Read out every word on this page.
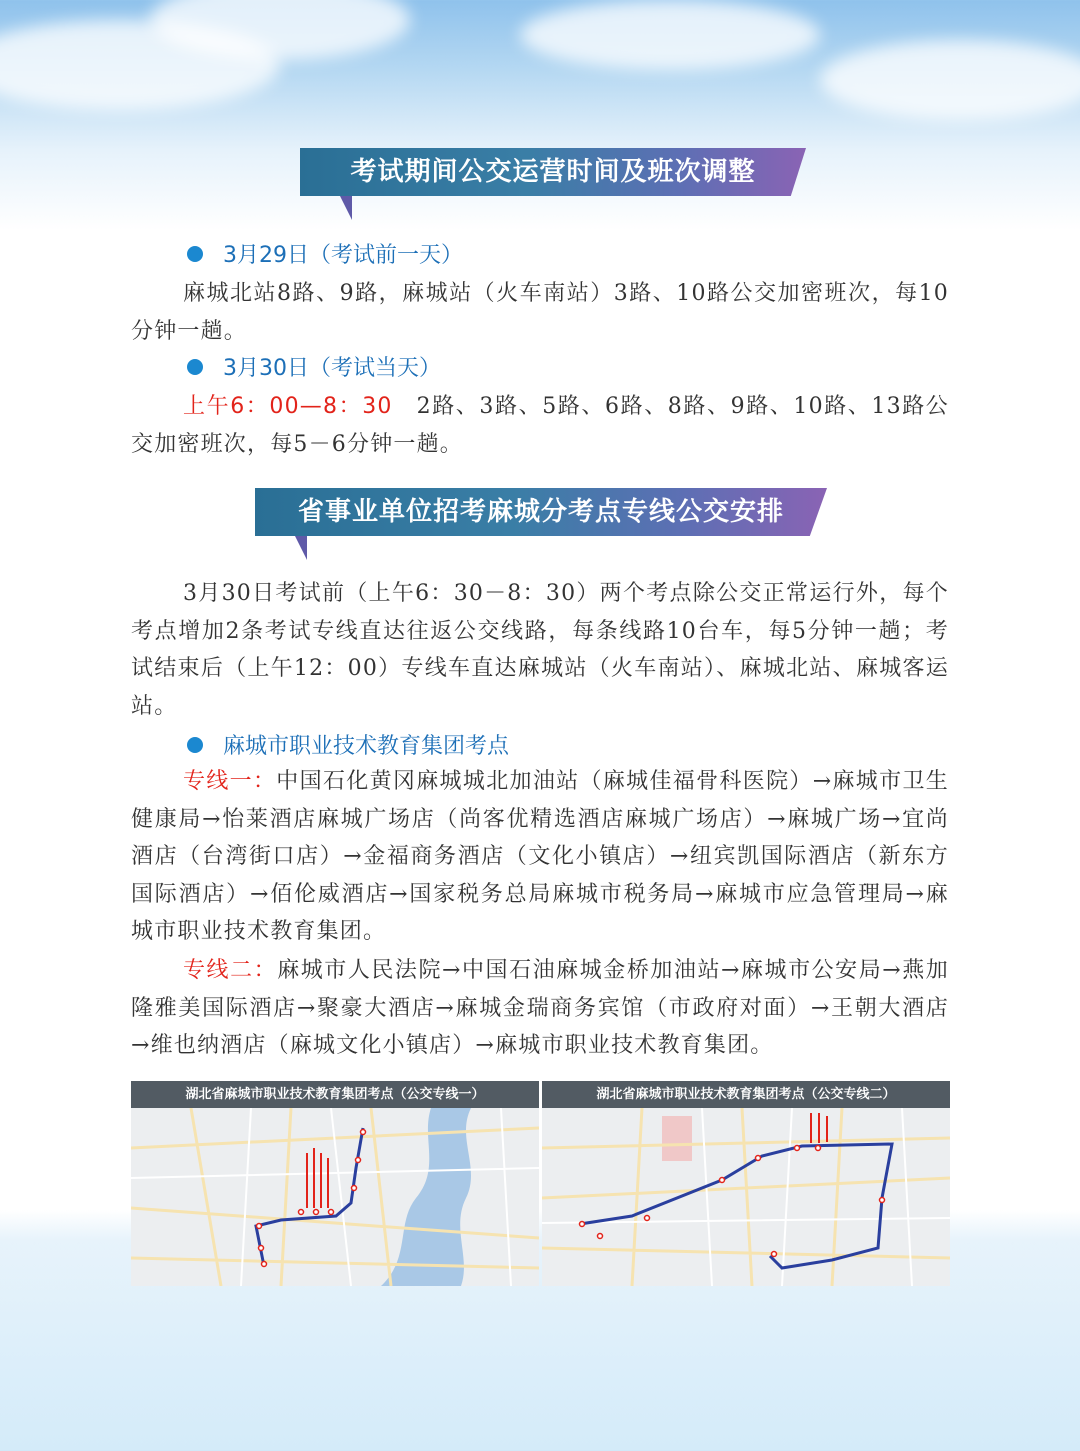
考试期间公交运营时间及班次调整
3月29日（考试前一天）
麻城北站8路、9路，麻城站（火车南站）3路、10路公交加密班次，每10分钟一趟。
3月30日（考试当天）
上午6：00—8：30　2路、3路、5路、6路、8路、9路、10路、13路公交加密班次，每5－6分钟一趟。
省事业单位招考麻城分考点专线公交安排
3月30日考试前（上午6：30－8：30）两个考点除公交正常运行外，每个考点增加2条考试专线直达往返公交线路，每条线路10台车，每5分钟一趟；考试结束后（上午12：00）专线车直达麻城站（火车南站）、麻城北站、麻城客运站。
麻城市职业技术教育集团考点
专线一：中国石化黄冈麻城城北加油站（麻城佳福骨科医院）→麻城市卫生健康局→怡莱酒店麻城广场店（尚客优精选酒店麻城广场店）→麻城广场→宜尚酒店（台湾街口店）→金福商务酒店（文化小镇店）→纽宾凯国际酒店（新东方国际酒店）→佰伦威酒店→国家税务总局麻城市税务局→麻城市应急管理局→麻城市职业技术教育集团。
专线二：麻城市人民法院→中国石油麻城金桥加油站→麻城市公安局→燕加隆雅美国际酒店→聚豪大酒店→麻城金瑞商务宾馆（市政府对面）→王朝大酒店→维也纳酒店（麻城文化小镇店）→麻城市职业技术教育集团。
湖北省麻城市职业技术教育集团考点（公交专线一）	湖北省麻城市职业技术教育集团考点（公交专线二）
